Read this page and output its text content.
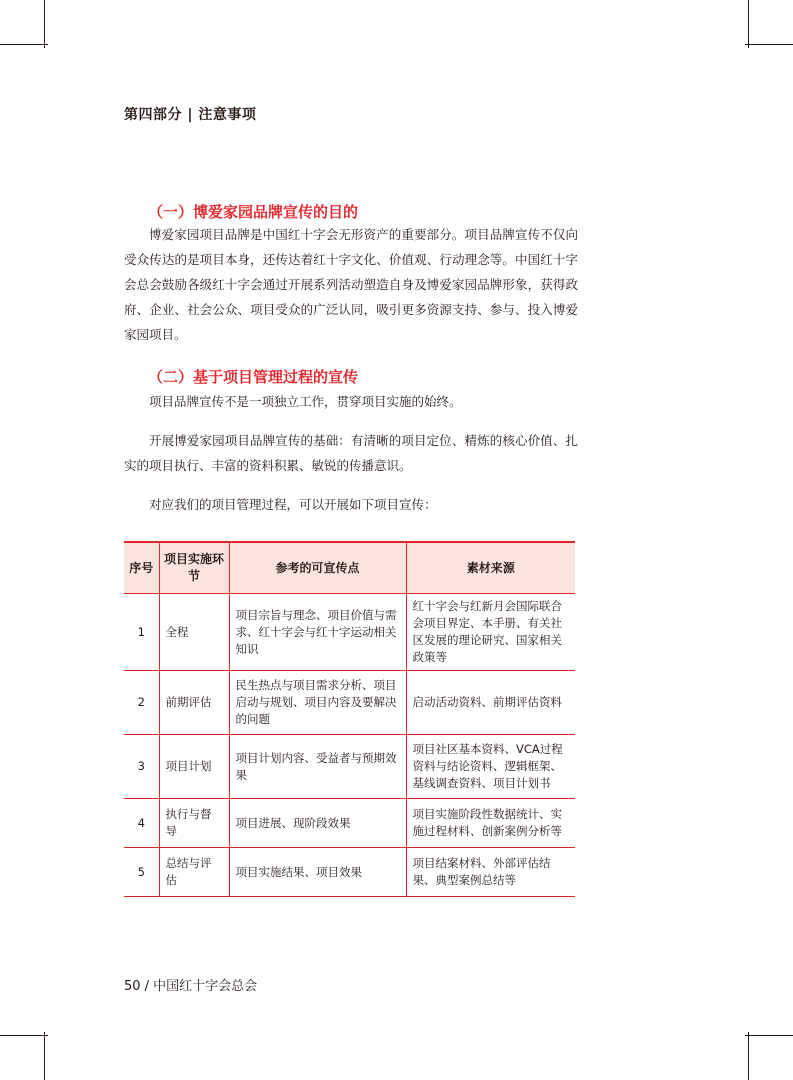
第四部分 | 注意事项
（一）博爱家园品牌宣传的目的

博爱家园项目品牌是中国红十字会无形资产的重要部分。项目品牌宣传不仅向受众传达的是项目本身，还传达着红十字文化、价值观、行动理念等。中国红十字会总会鼓励各级红十字会通过开展系列活动塑造自身及博爱家园品牌形象，获得政府、企业、社会公众、项目受众的广泛认同，吸引更多资源支持、参与、投入博爱家园项目。

（二）基于项目管理过程的宣传

项目品牌宣传不是一项独立工作，贯穿项目实施的始终。

开展博爱家园项目品牌宣传的基础：有清晰的项目定位、精炼的核心价值、扎实的项目执行、丰富的资料积累、敏锐的传播意识。

对应我们的项目管理过程，可以开展如下项目宣传：

序号	项目实施环节	参考的可宣传点	素材来源
1	全程	项目宗旨与理念、项目价值与需求、红十字会与红十字运动相关知识	红十字会与红新月会国际联合会项目界定、本手册、有关社区发展的理论研究、国家相关政策等
2	前期评估	民生热点与项目需求分析、项目启动与规划、项目内容及要解决的问题	启动活动资料、前期评估资料
3	项目计划	项目计划内容、受益者与预期效果	项目社区基本资料、VCA过程资料与结论资料、逻辑框架、基线调查资料、项目计划书
4	执行与督导	项目进展、现阶段效果	项目实施阶段性数据统计、实施过程材料、创新案例分析等
5	总结与评估	项目实施结果、项目效果	项目结案材料、外部评估结果、典型案例总结等
50 / 中国红十字会总会
